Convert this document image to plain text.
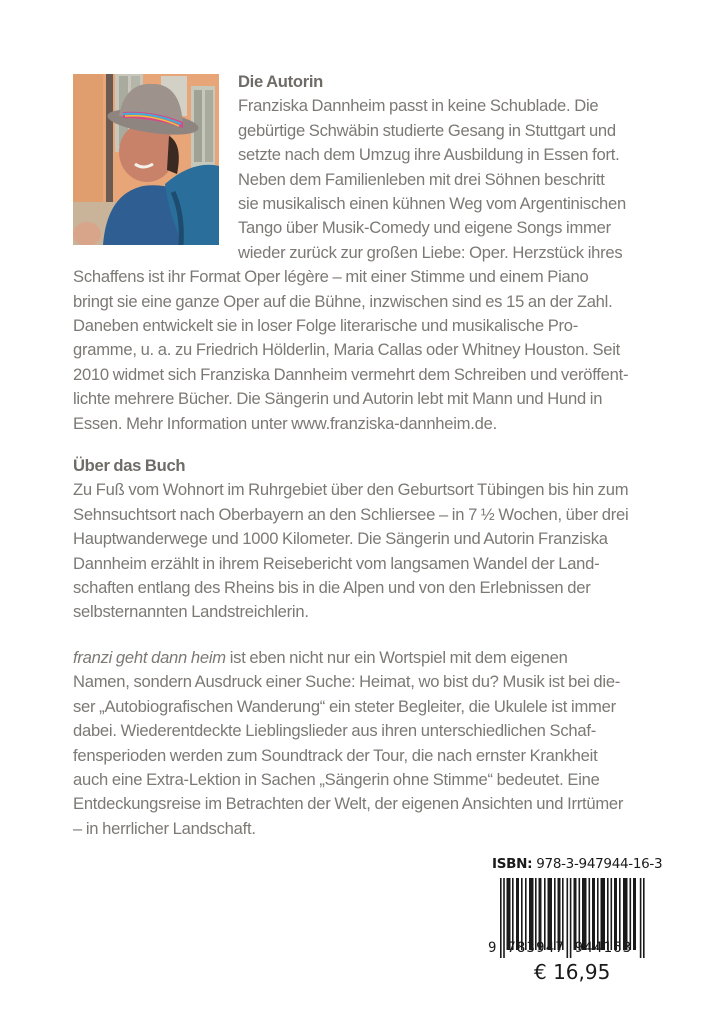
Die Autorin
Franziska Dannheim passt in keine Schublade. Die
gebürtige Schwäbin studierte Gesang in Stuttgart und
setzte nach dem Umzug ihre Ausbildung in Essen fort.
Neben dem Familienleben mit drei Söhnen beschritt
sie musikalisch einen kühnen Weg vom Argentinischen
Tango über Musik-Comedy und eigene Songs immer
wieder zurück zur großen Liebe: Oper. Herzstück ihres
Schaffens ist ihr Format Oper légère – mit einer Stimme und einem Piano
bringt sie eine ganze Oper auf die Bühne, inzwischen sind es 15 an der Zahl.
Daneben entwickelt sie in loser Folge literarische und musikalische Pro-
gramme, u. a. zu Friedrich Hölderlin, Maria Callas oder Whitney Houston. Seit
2010 widmet sich Franziska Dannheim vermehrt dem Schreiben und veröffent-
lichte mehrere Bücher. Die Sängerin und Autorin lebt mit Mann und Hund in
Essen. Mehr Information unter www.franziska-dannheim.de.
Über das Buch
Zu Fuß vom Wohnort im Ruhrgebiet über den Geburtsort Tübingen bis hin zum
Sehnsuchtsort nach Oberbayern an den Schliersee – in 7 ½ Wochen, über drei
Hauptwanderwege und 1000 Kilometer. Die Sängerin und Autorin Franziska
Dannheim erzählt in ihrem Reisebericht vom langsamen Wandel der Land-
schaften entlang des Rheins bis in die Alpen und von den Erlebnissen der
selbsternannten Landstreichlerin.
franzi geht dann heim ist eben nicht nur ein Wortspiel mit dem eigenen
Namen, sondern Ausdruck einer Suche: Heimat, wo bist du? Musik ist bei die-
ser „Autobiografischen Wanderung“ ein steter Begleiter, die Ukulele ist immer
dabei. Wiederentdeckte Lieblingslieder aus ihren unterschiedlichen Schaf-
fensperioden werden zum Soundtrack der Tour, die nach ernster Krankheit
auch eine Extra-Lektion in Sachen „Sängerin ohne Stimme“ bedeutet. Eine
Entdeckungsreise im Betrachten der Welt, der eigenen Ansichten und Irrtümer
– in herrlicher Landschaft.
ISBN: 978-3-947944-16-3
9 783947 944163
€ 16,95
